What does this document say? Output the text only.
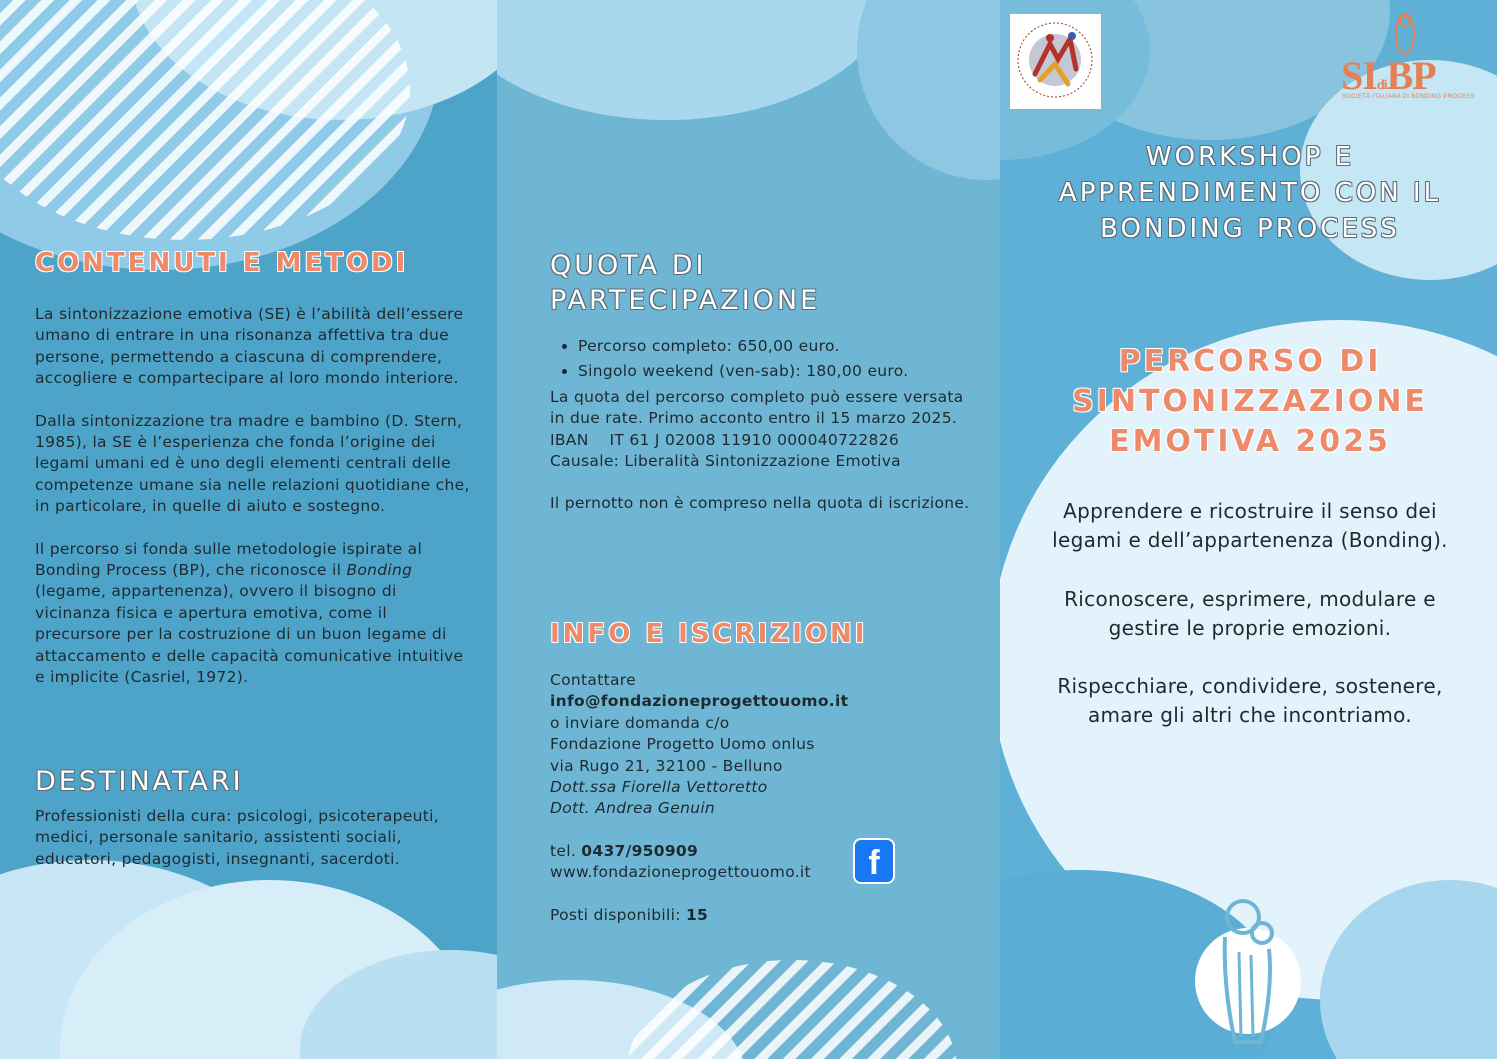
CONTENUTI E METODI

La sintonizzazione emotiva (SE) è l’abilità dell’essere umano di entrare in una risonanza affettiva tra due persone, permettendo a ciascuna di comprendere, accogliere e compartecipare al loro mondo interiore.

Dalla sintonizzazione tra madre e bambino (D. Stern, 1985), la SE è l’esperienza che fonda l’origine dei legami umani ed è uno degli elementi centrali delle competenze umane sia nelle relazioni quotidiane che, in particolare, in quelle di aiuto e sostegno.

Il percorso si fonda sulle metodologie ispirate al Bonding Process (BP), che riconosce il Bonding (legame, appartenenza), ovvero il bisogno di vicinanza fisica e apertura emotiva, come il precursore per la costruzione di un buon legame di attaccamento e delle capacità comunicative intuitive e implicite (Casriel, 1972).

DESTINATARI
Professionisti della cura: psicologi, psicoterapeuti, medici, personale sanitario, assistenti sociali, educatori, pedagogisti, insegnanti, sacerdoti.
QUOTA DI
PARTECIPAZIONE
• Percorso completo: 650,00 euro.
• Singolo weekend (ven-sab): 180,00 euro.

La quota del percorso completo può essere versata in due rate. Primo acconto entro il 15 marzo 2025.

IBAN    IT 61 J 02008 11910 000040722826

Causale: Liberalità Sintonizzazione Emotiva

Il pernotto non è compreso nella quota di iscrizione.

INFO E ISCRIZIONI

Contattare

info@fondazioneprogettouomo.it

o inviare domanda c/o

Fondazione Progetto Uomo onlus

via Rugo 21, 32100 - Belluno

Dott.ssa Fiorella Vettoretto

Dott. Andrea Genuin

tel. 0437/950909

www.fondazioneprogettouomo.it

Posti disponibili: 15

f
SIdiBP
SOCIETÀ ITALIANA DI BONDING PROCESS
WORKSHOP E APPRENDIMENTO CON IL BONDING PROCESS
PERCORSO DI SINTONIZZAZIONE EMOTIVA 2025

Apprendere e ricostruire il senso dei legami e dell’appartenenza (Bonding).

Riconoscere, esprimere, modulare e gestire le proprie emozioni.

Rispecchiare, condividere, sostenere, amare gli altri che incontriamo.
